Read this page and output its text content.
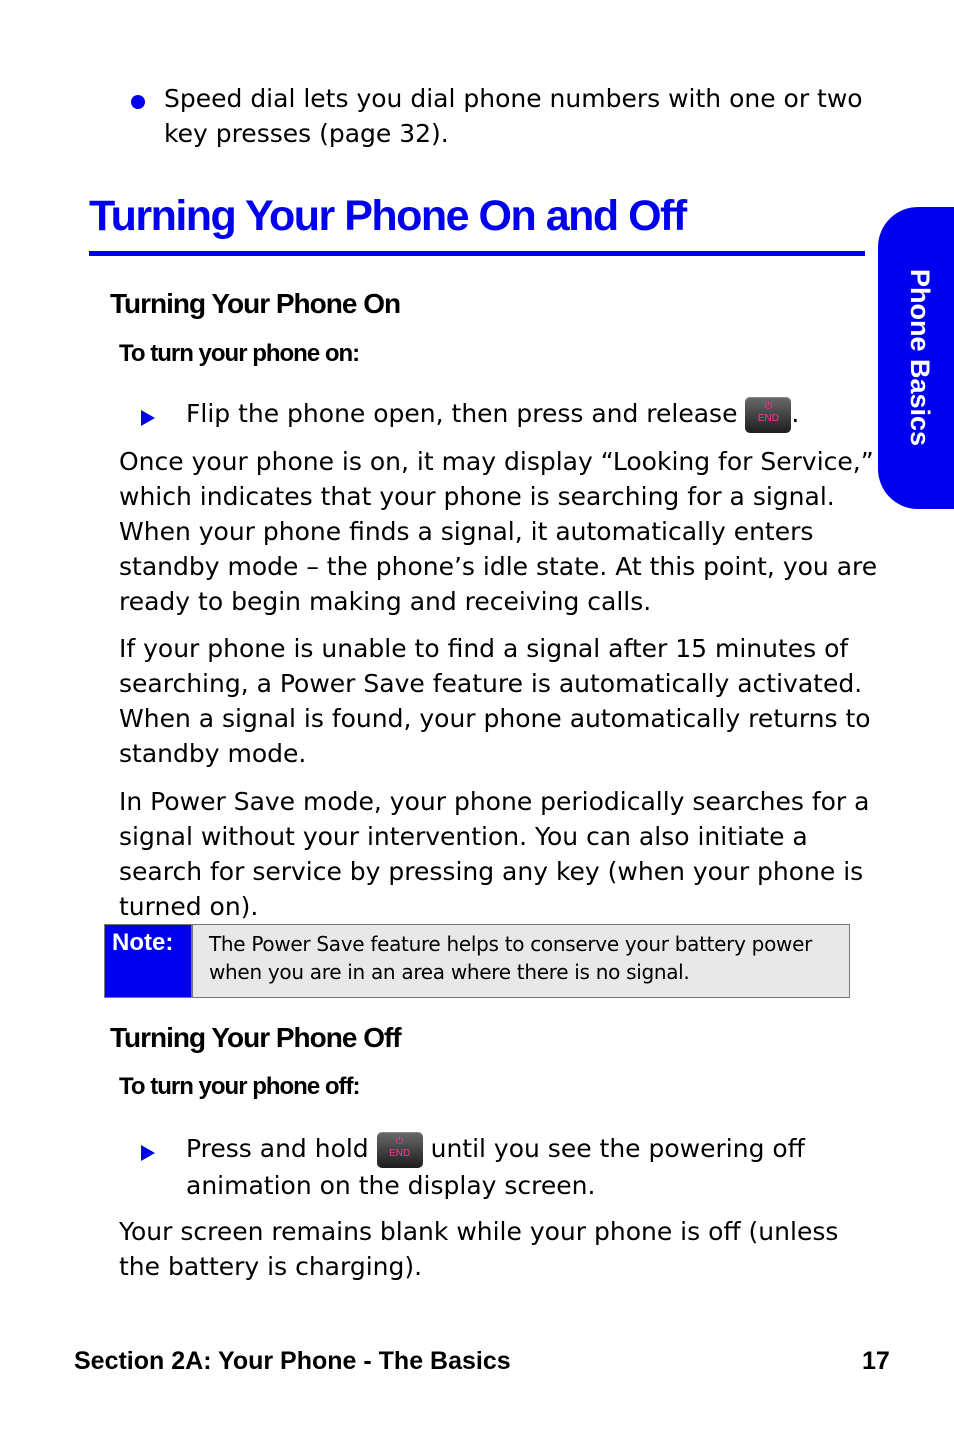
Speed dial lets you dial phone numbers with one or two key presses (page 32).
Turning Your Phone On and Off
Phone Basics
Turning Your Phone On
To turn your phone on:
Flip the phone open, then press and release	⏻
END .
Once your phone is on, it may display “Looking for Service,” which indicates that your phone is searching for a signal. When your phone finds a signal, it automatically enters standby mode – the phone’s idle state. At this point, you are ready to begin making and receiving calls.
If your phone is unable to find a signal after 15 minutes of searching, a Power Save feature is automatically activated. When a signal is found, your phone automatically returns to standby mode.
In Power Save mode, your phone periodically searches for a signal without your intervention. You can also initiate a search for service by pressing any key (when your phone is turned on).
Note:	The Power Save feature helps to conserve your battery power when you are in an area where there is no signal.
Turning Your Phone Off
To turn your phone off:
Press and hold	⏻
END until you see the powering off animation on the display screen.
Your screen remains blank while your phone is off (unless the battery is charging).
Section 2A: Your Phone - The Basics	17
